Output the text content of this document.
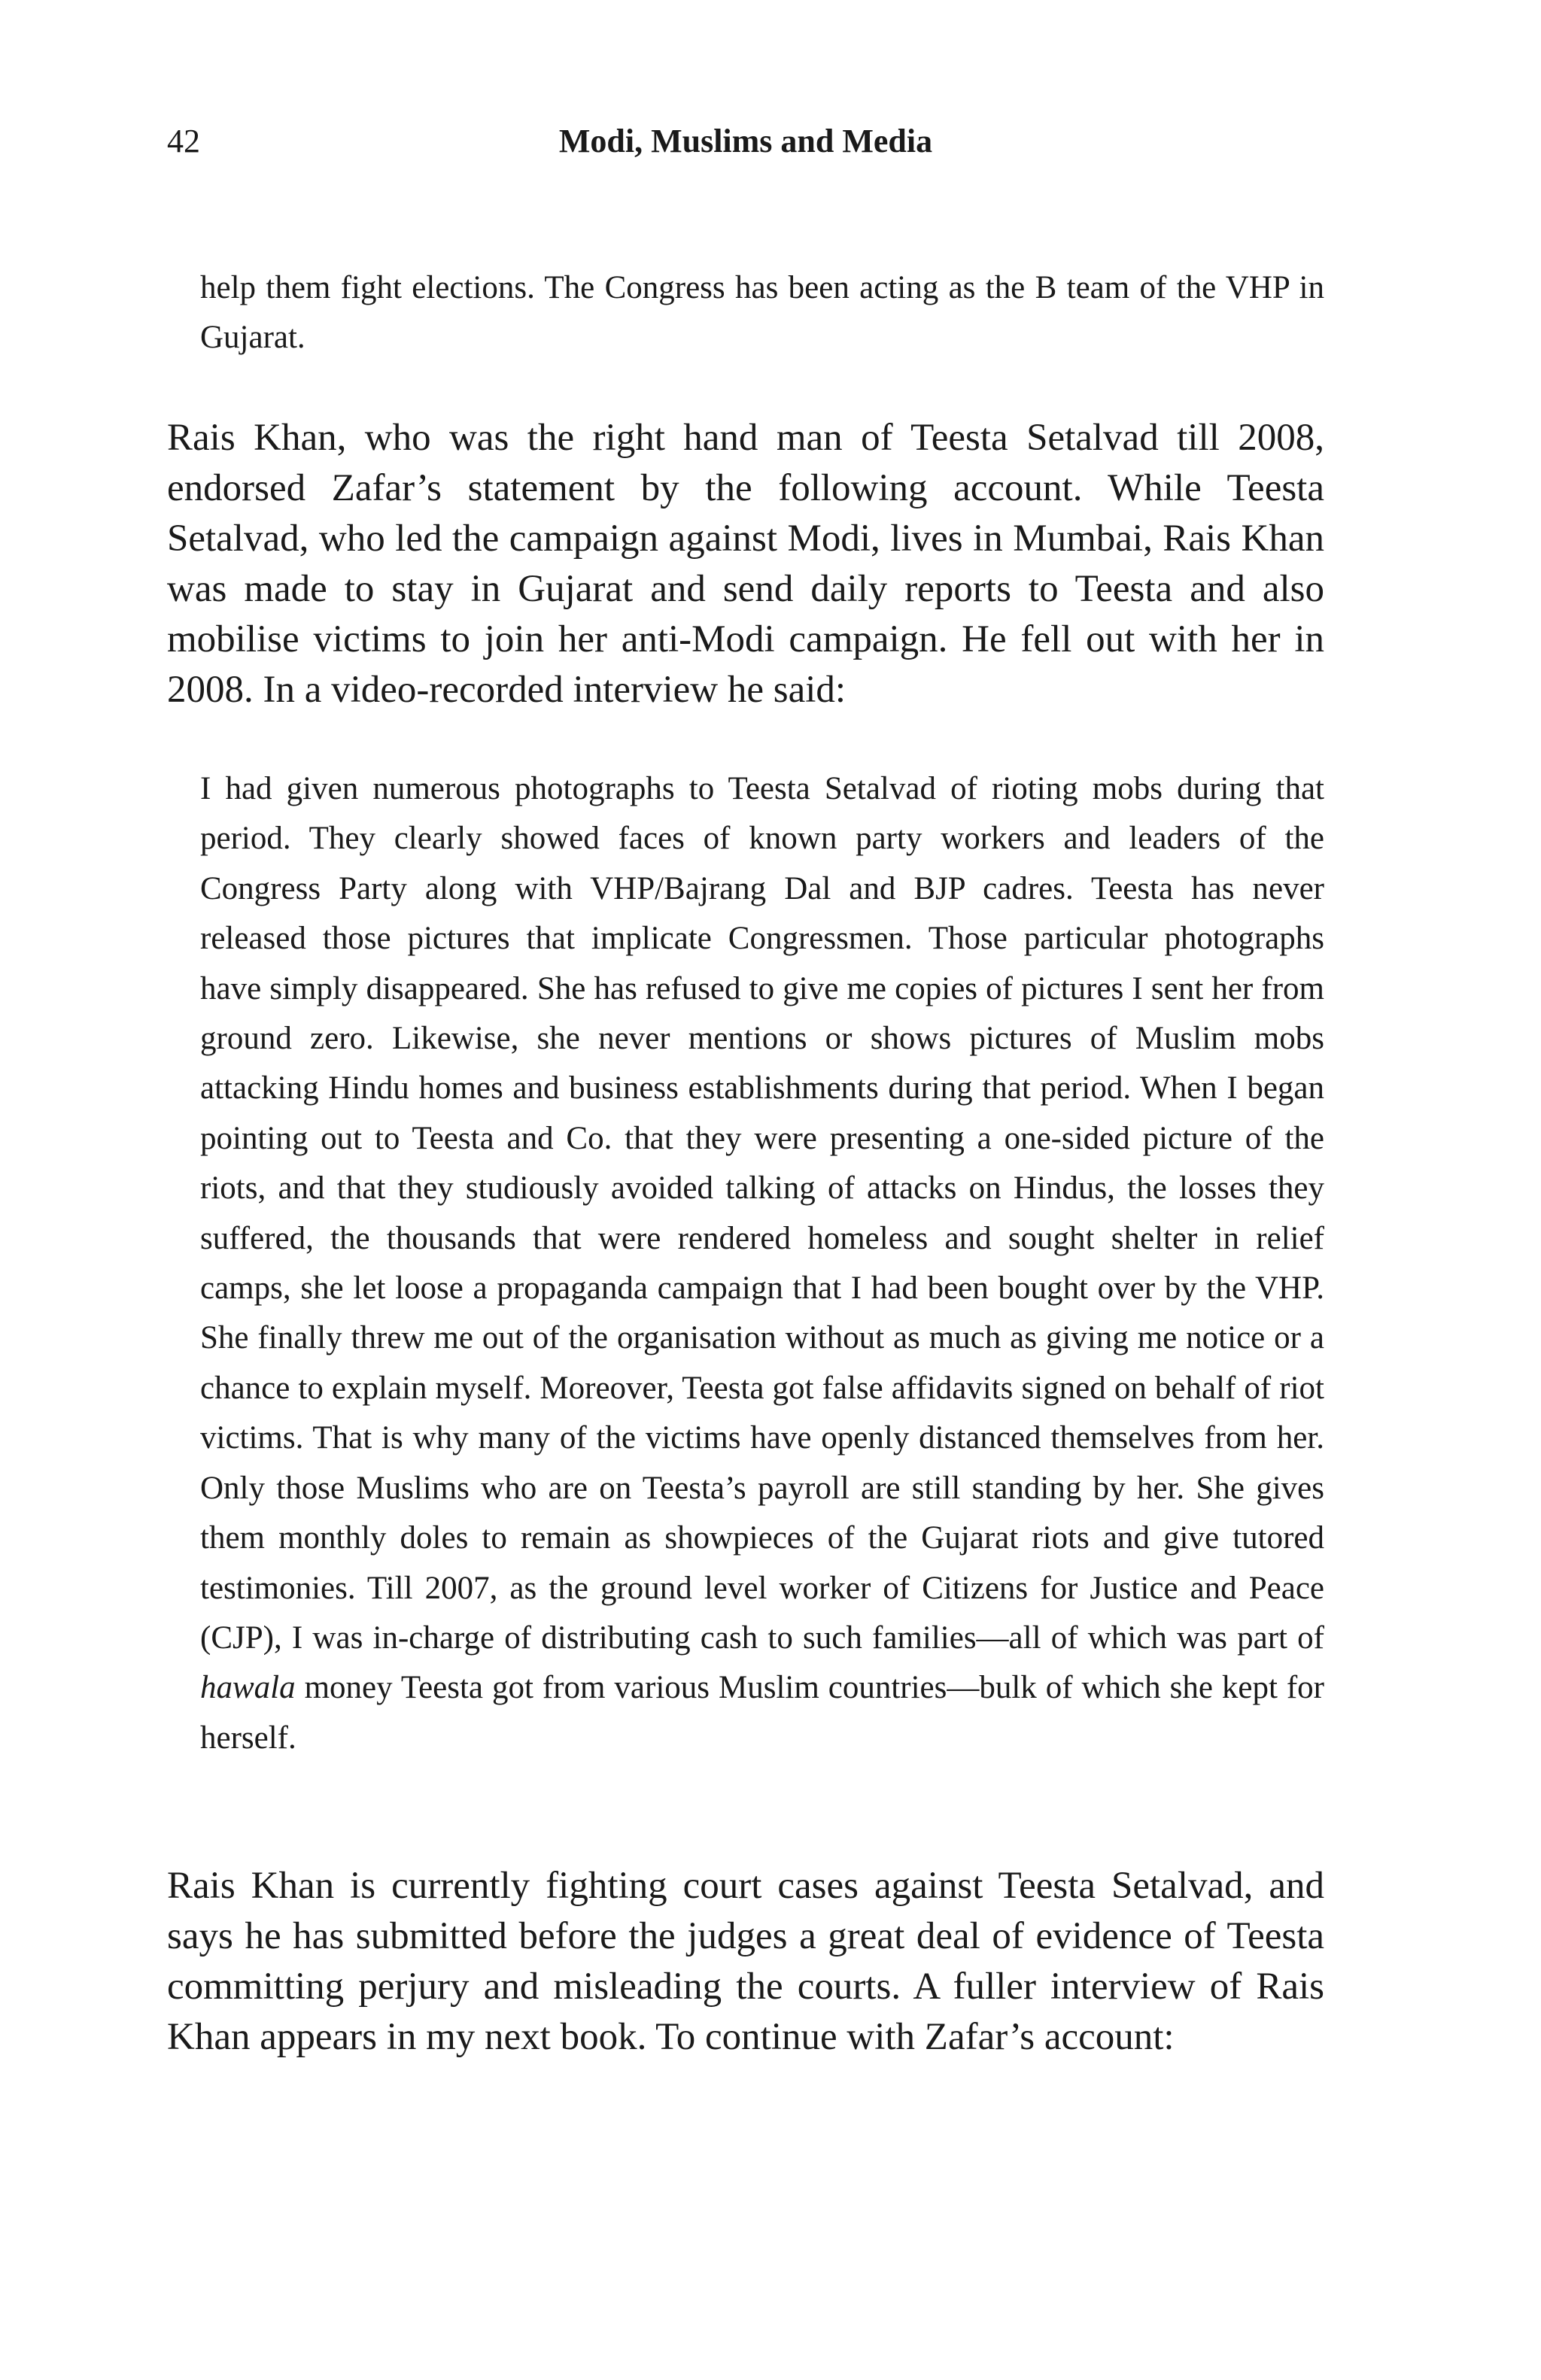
42	Modi, Muslims and Media

help them fight elections. The Congress has been acting as the B team of the VHP in Gujarat.

Rais Khan, who was the right hand man of Teesta Setalvad till 2008, endorsed Zafar’s statement by the following account. While Teesta Setalvad, who led the campaign against Modi, lives in Mumbai, Rais Khan was made to stay in Gujarat and send daily reports to Teesta and also mobilise victims to join her anti-Modi campaign. He fell out with her in 2008. In a video-recorded interview he said:

I had given numerous photographs to Teesta Setalvad of rioting mobs during that period. They clearly showed faces of known party workers and leaders of the Congress Party along with VHP/Bajrang Dal and BJP cadres. Teesta has never released those pictures that implicate Congressmen. Those particular photographs have simply disappeared. She has refused to give me copies of pictures I sent her from ground zero. Likewise, she never mentions or shows pictures of Muslim mobs attacking Hindu homes and business establishments during that period. When I began pointing out to Teesta and Co. that they were presenting a one-sided picture of the riots, and that they studiously avoided talking of attacks on Hindus, the losses they suffered, the thousands that were rendered homeless and sought shelter in relief camps, she let loose a propaganda campaign that I had been bought over by the VHP. She finally threw me out of the organisation without as much as giving me notice or a chance to explain myself. Moreover, Teesta got false affidavits signed on behalf of riot victims. That is why many of the victims have openly distanced themselves from her. Only those Muslims who are on Teesta’s payroll are still standing by her. She gives them monthly doles to remain as showpieces of the Gujarat riots and give tutored testimonies. Till 2007, as the ground level worker of Citizens for Justice and Peace (CJP), I was in-charge of distributing cash to such families—all of which was part of hawala money Teesta got from various Muslim countries—bulk of which she kept for herself.

Rais Khan is currently fighting court cases against Teesta Setalvad, and says he has submitted before the judges a great deal of evidence of Teesta committing perjury and misleading the courts. A fuller interview of Rais Khan appears in my next book. To continue with Zafar’s account:
